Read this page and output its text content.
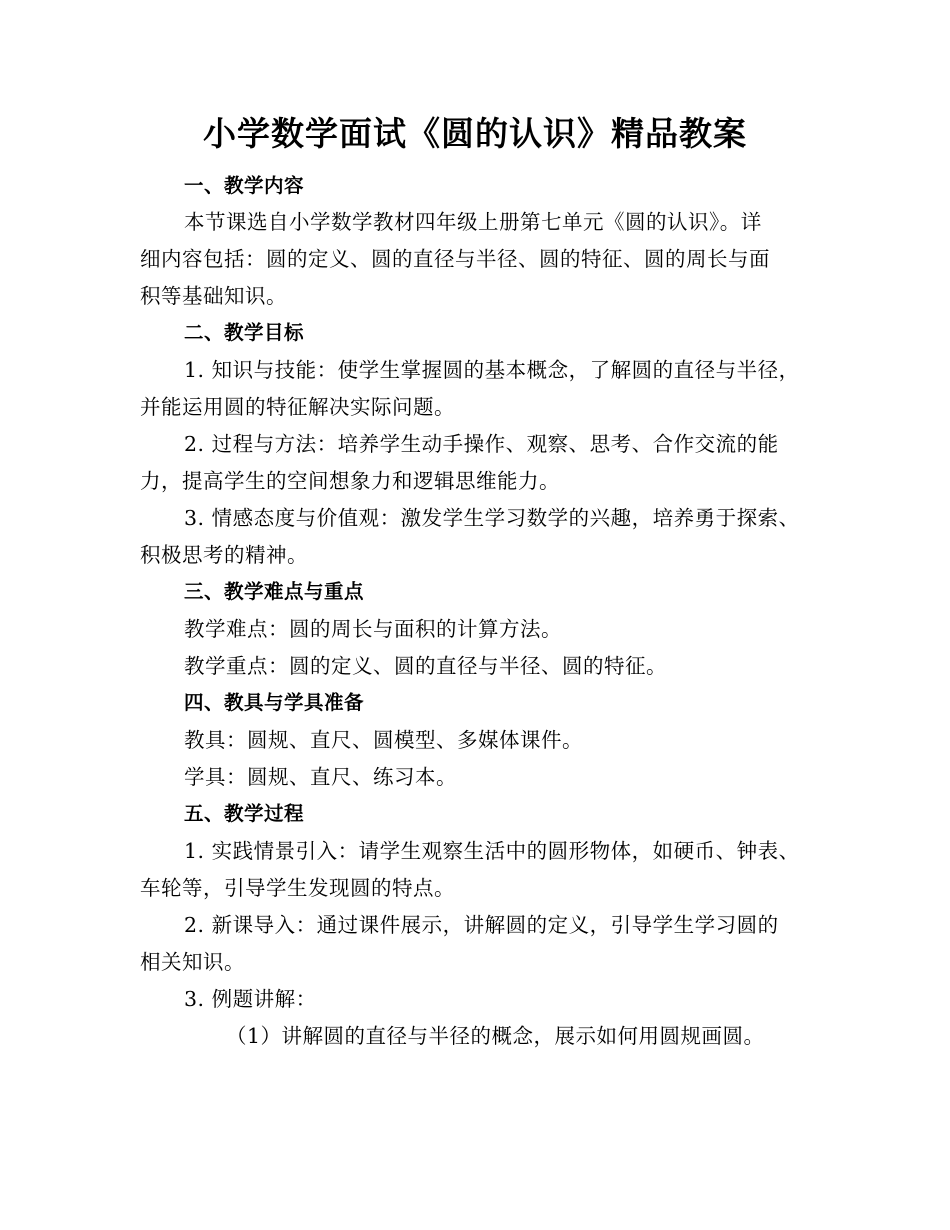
小学数学面试《圆的认识》精品教案
一、教学内容
本节课选自小学数学教材四年级上册第七单元《圆的认识》。详
细内容包括：圆的定义、圆的直径与半径、圆的特征、圆的周长与面
积等基础知识。
二、教学目标
1. 知识与技能：使学生掌握圆的基本概念，了解圆的直径与半径，
并能运用圆的特征解决实际问题。
2. 过程与方法：培养学生动手操作、观察、思考、合作交流的能
力，提高学生的空间想象力和逻辑思维能力。
3. 情感态度与价值观：激发学生学习数学的兴趣，培养勇于探索、
积极思考的精神。
三、教学难点与重点
教学难点：圆的周长与面积的计算方法。
教学重点：圆的定义、圆的直径与半径、圆的特征。
四、教具与学具准备
教具：圆规、直尺、圆模型、多媒体课件。
学具：圆规、直尺、练习本。
五、教学过程
1. 实践情景引入：请学生观察生活中的圆形物体，如硬币、钟表、
车轮等，引导学生发现圆的特点。
2. 新课导入：通过课件展示，讲解圆的定义，引导学生学习圆的
相关知识。
3. 例题讲解：
（1）讲解圆的直径与半径的概念，展示如何用圆规画圆。
